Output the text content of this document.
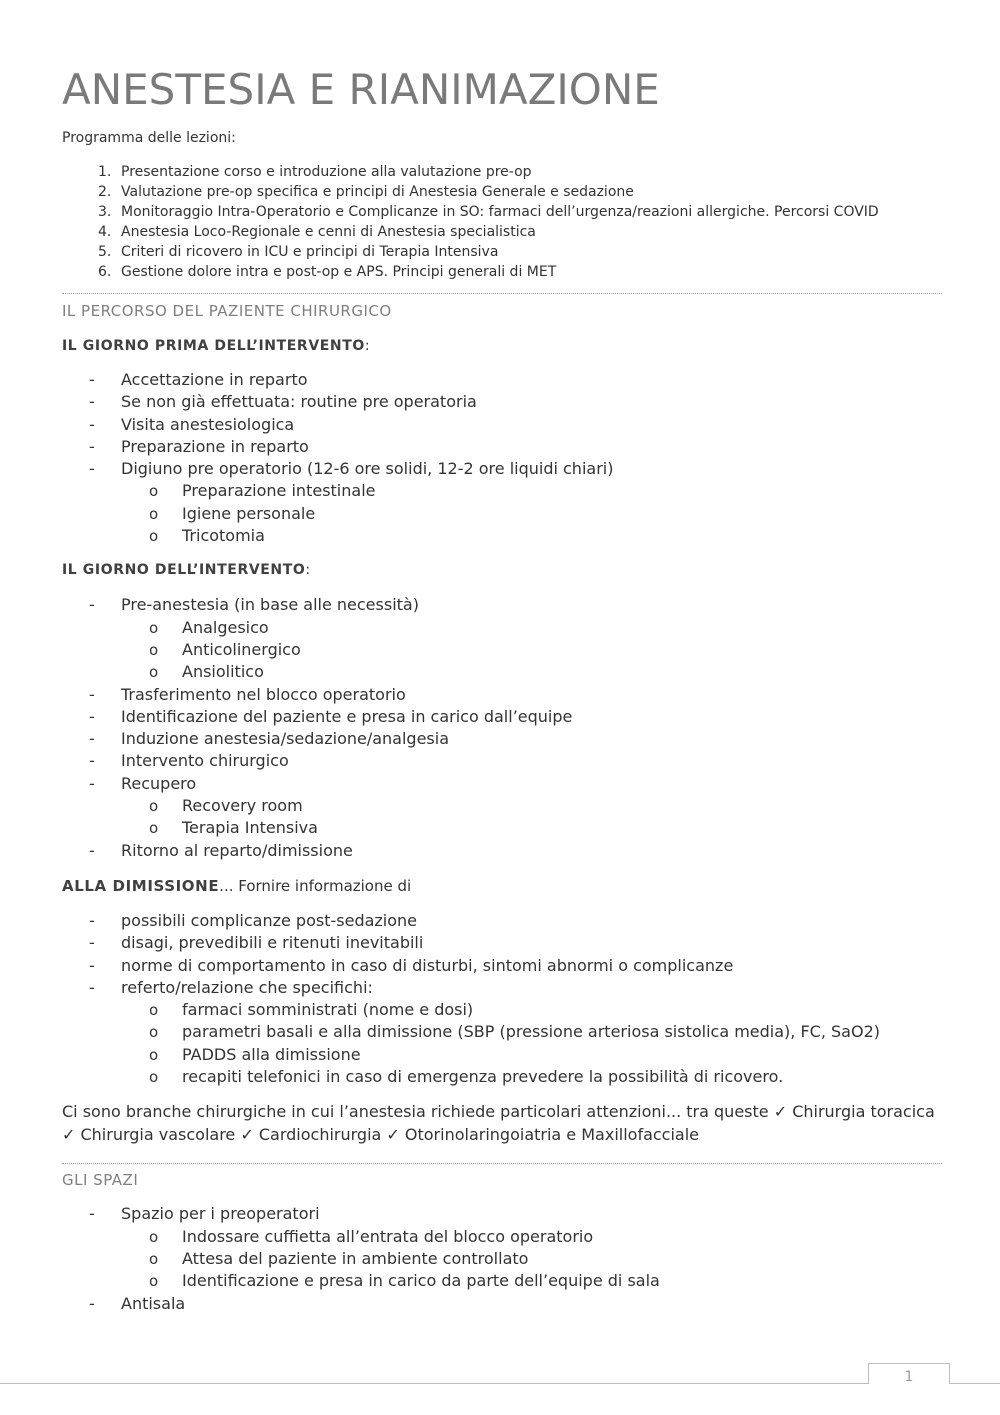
ANESTESIA E RIANIMAZIONE

Programma delle lezioni:

1. Presentazione corso e introduzione alla valutazione pre-op
2. Valutazione pre-op specifica e principi di Anestesia Generale e sedazione
3. Monitoraggio Intra-Operatorio e Complicanze in SO: farmaci dell’urgenza/reazioni allergiche. Percorsi COVID
4. Anestesia Loco-Regionale e cenni di Anestesia specialistica
5. Criteri di ricovero in ICU e principi di Terapia Intensiva
6. Gestione dolore intra e post-op e APS. Principi generali di MET

IL PERCORSO DEL PAZIENTE CHIRURGICO

IL GIORNO PRIMA DELL’INTERVENTO:

- Accettazione in reparto
- Se non già effettuata: routine pre operatoria
- Visita anestesiologica
- Preparazione in reparto
- Digiuno pre operatorio (12-6 ore solidi, 12-2 ore liquidi chiari)
o Preparazione intestinale
o Igiene personale
o Tricotomia

IL GIORNO DELL’INTERVENTO:

- Pre-anestesia (in base alle necessità)
o Analgesico
o Anticolinergico
o Ansiolitico
- Trasferimento nel blocco operatorio
- Identificazione del paziente e presa in carico dall’equipe
- Induzione anestesia/sedazione/analgesia
- Intervento chirurgico
- Recupero
o Recovery room
o Terapia Intensiva
- Ritorno al reparto/dimissione

ALLA DIMISSIONE... Fornire informazione di

- possibili complicanze post-sedazione
- disagi, prevedibili e ritenuti inevitabili
- norme di comportamento in caso di disturbi, sintomi abnormi o complicanze
- referto/relazione che specifichi:
o farmaci somministrati (nome e dosi)
o parametri basali e alla dimissione (SBP (pressione arteriosa sistolica media), FC, SaO2)
o PADDS alla dimissione
o recapiti telefonici in caso di emergenza prevedere la possibilità di ricovero.

Ci sono branche chirurgiche in cui l’anestesia richiede particolari attenzioni... tra queste ✓ Chirurgia toracica

✓ Chirurgia vascolare ✓ Cardiochirurgia ✓ Otorinolaringoiatria e Maxillofacciale

GLI SPAZI

- Spazio per i preoperatori
o Indossare cuffietta all’entrata del blocco operatorio
o Attesa del paziente in ambiente controllato
o Identificazione e presa in carico da parte dell’equipe di sala
- Antisala
1
